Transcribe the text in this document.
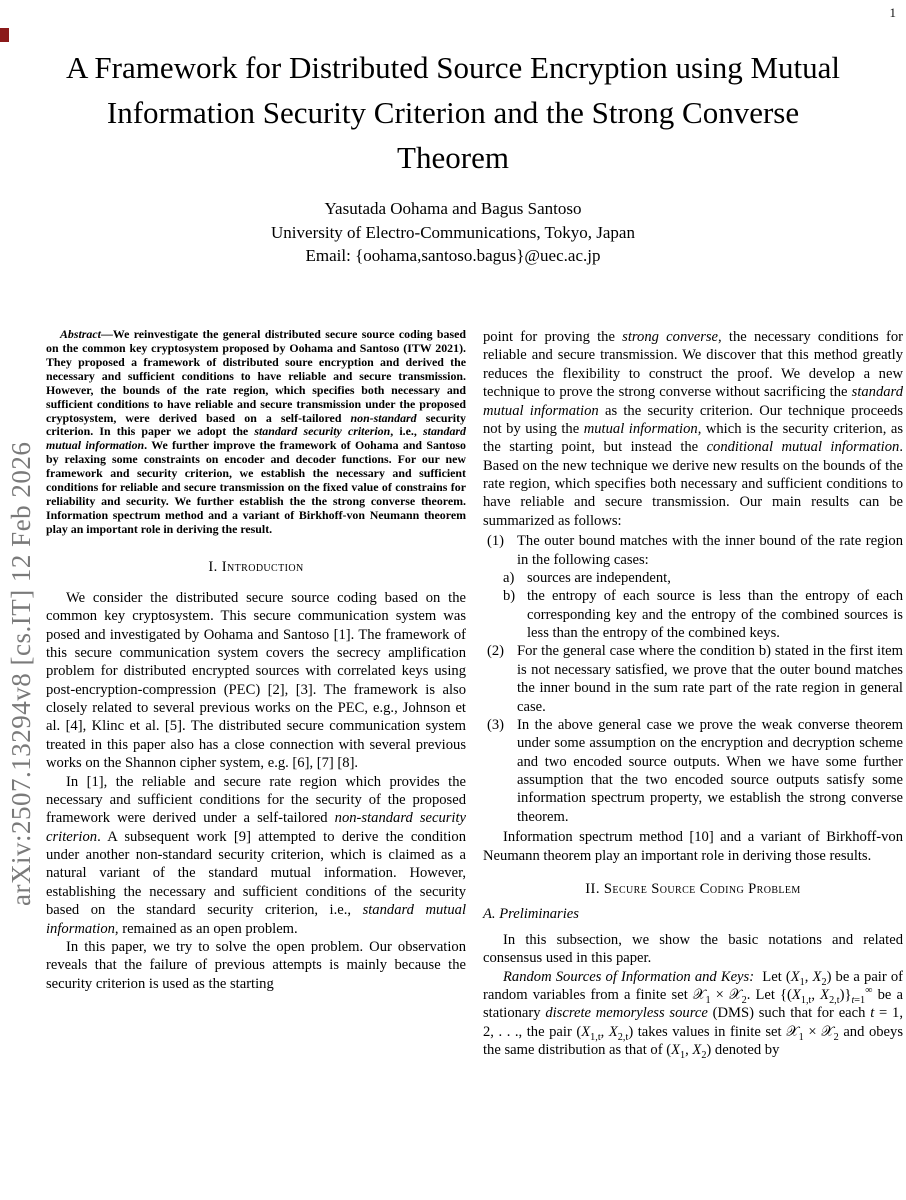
1
arXiv:2507.13294v8 [cs.IT] 12 Feb 2026
A Framework for Distributed Source Encryption using Mutual Information Security Criterion and the Strong Converse Theorem
Yasutada Oohama and Bagus Santoso
University of Electro-Communications, Tokyo, Japan
Email: {oohama,santoso.bagus}@uec.ac.jp

Abstract—We reinvestigate the general distributed secure source coding based on the common key cryptosystem proposed by Oohama and Santoso (ITW 2021). They proposed a framework of distributed soure encryption and derived the necessary and sufficient conditions to have reliable and secure transmission. However, the bounds of the rate region, which specifies both necessary and sufficient conditions to have reliable and secure transmission under the proposed cryptosystem, were derived based on a self-tailored non-standard security criterion. In this paper we adopt the standard security criterion, i.e., standard mutual information. We further improve the framework of Oohama and Santoso by relaxing some constraints on encoder and decoder functions. For our new framework and security criterion, we establish the necessary and sufficient conditions for reliable and secure transmission on the fixed value of constrains for reliability and security. We further establish the the strong converse theorem. Information spectrum method and a variant of Birkhoff-von Neumann theorem play an important role in deriving the result.

I. Introduction

We consider the distributed secure source coding based on the common key cryptosystem. This secure communication system was posed and investigated by Oohama and Santoso [1]. The framework of this secure communication system covers the secrecy amplification problem for distributed encrypted sources with correlated keys using post-encryption-compression (PEC) [2], [3]. The framework is also closely related to several previous works on the PEC, e.g., Johnson et al. [4], Klinc et al. [5]. The distributed secure communication system treated in this paper also has a close connection with several previous works on the Shannon cipher system, e.g. [6], [7] [8].

In [1], the reliable and secure rate region which provides the necessary and sufficient conditions for the security of the proposed framework were derived under a self-tailored non-standard security criterion. A subsequent work [9] attempted to derive the condition under another non-standard security criterion, which is claimed as a natural variant of the standard mutual information. However, establishing the necessary and sufficient conditions of the security based on the standard security criterion, i.e., standard mutual information, remained as an open problem.

In this paper, we try to solve the open problem. Our observation reveals that the failure of previous attempts is mainly because the security criterion is used as the starting

point for proving the strong converse, the necessary conditions for reliable and secure transmission. We discover that this method greatly reduces the flexibility to construct the proof. We develop a new technique to prove the strong converse without sacrificing the standard mutual information as the security criterion. Our technique proceeds not by using the mutual information, which is the security criterion, as the starting point, but instead the conditional mutual information. Based on the new technique we derive new results on the bounds of the rate region, which specifies both necessary and sufficient conditions to have reliable and secure transmission. Our main results can be summarized as follows:

(1) The outer bound matches with the inner bound of the rate region in the following cases:
a) sources are independent,
b) the entropy of each source is less than the entropy of each corresponding key and the entropy of the combined sources is less than the entropy of the combined keys.
(2) For the general case where the condition b) stated in the first item is not necessary satisfied, we prove that the outer bound matches the inner bound in the sum rate part of the rate region in general case.
(3) In the above general case we prove the weak converse theorem under some assumption on the encryption and decryption scheme and two encoded source outputs. When we have some further assumption that the two encoded source outputs satisfy some information spectrum property, we establish the strong converse theorem.

Information spectrum method [10] and a variant of Birkhoff-von Neumann theorem play an important role in deriving those results.

II. Secure Source Coding Problem
A. Preliminaries

In this subsection, we show the basic notations and related consensus used in this paper.

Random Sources of Information and Keys:  Let ($X_1$, $X_2$) be a pair of random variables from a finite set 𝒳$_1$ × 𝒳$_2$. Let {($X_{1,t}$, $X_{2,t})\}_{t=1}^\infty$ be a stationary discrete memoryless source (DMS) such that for each t = 1, 2, . . ., the pair ($X_{1,t}$, $X_{2,t}$) takes values in finite set 𝒳$_1$ × 𝒳$_2$ and obeys the same distribution as that of ($X_1$, $X_2$) denoted by
